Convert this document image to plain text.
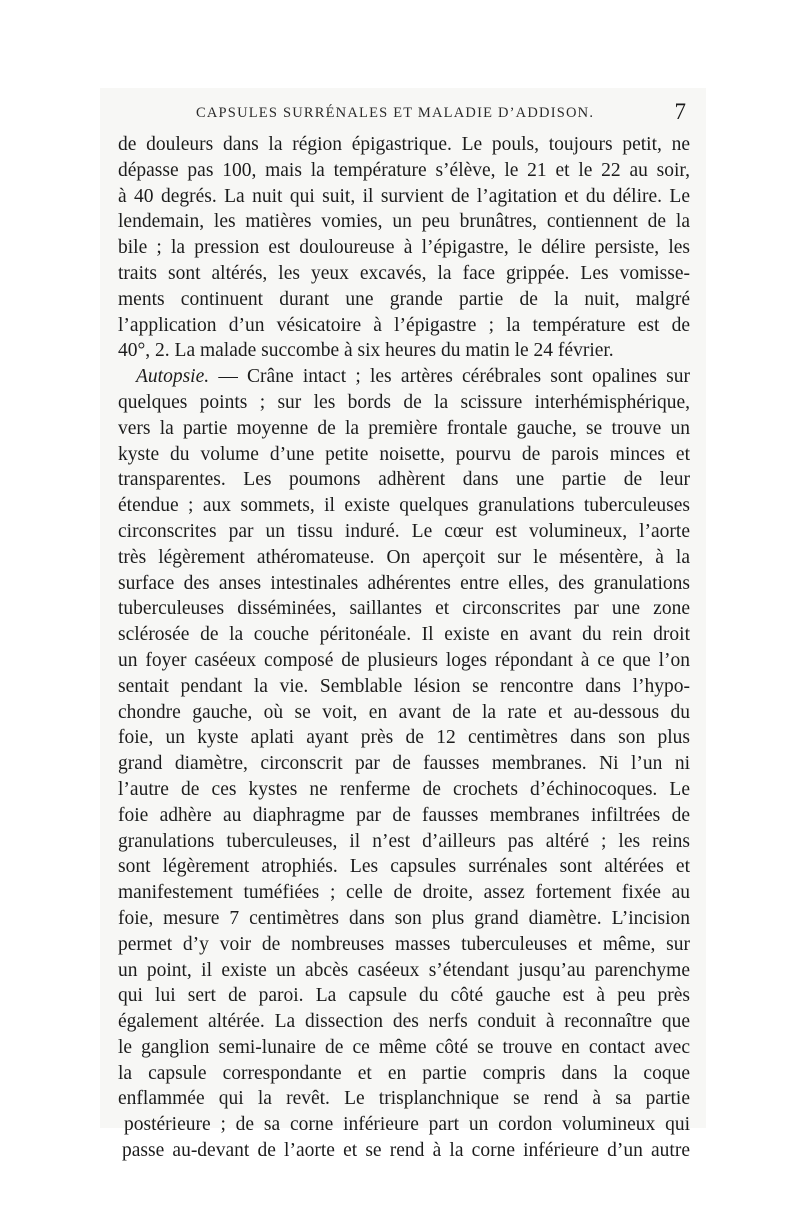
CAPSULES SURRÉNALES ET MALADIE D’ADDISON.	7
de douleurs dans la région épigastrique. Le pouls, toujours petit, ne
dépasse pas 100, mais la température s’élève, le 21 et le 22 au soir,
à 40 degrés. La nuit qui suit, il survient de l’agitation et du délire. Le
lendemain, les matières vomies, un peu brunâtres, contiennent de la
bile ; la pression est douloureuse à l’épigastre, le délire persiste, les
traits sont altérés, les yeux excavés, la face grippée. Les vomisse-
ments continuent durant une grande partie de la nuit, malgré
l’application d’un vésicatoire à l’épigastre ; la température est de
40°, 2. La malade succombe à six heures du matin le 24 février.
Autopsie. — Crâne intact ; les artères cérébrales sont opalines sur
quelques points ; sur les bords de la scissure interhémisphérique,
vers la partie moyenne de la première frontale gauche, se trouve un
kyste du volume d’une petite noisette, pourvu de parois minces et
transparentes. Les poumons adhèrent dans une partie de leur
étendue ; aux sommets, il existe quelques granulations tuberculeuses
circonscrites par un tissu induré. Le cœur est volumineux, l’aorte
très légèrement athéromateuse. On aperçoit sur le mésentère, à la
surface des anses intestinales adhérentes entre elles, des granulations
tuberculeuses disséminées, saillantes et circonscrites par une zone
sclérosée de la couche péritonéale. Il existe en avant du rein droit
un foyer caséeux composé de plusieurs loges répondant à ce que l’on
sentait pendant la vie. Semblable lésion se rencontre dans l’hypo-
chondre gauche, où se voit, en avant de la rate et au-dessous du
foie, un kyste aplati ayant près de 12 centimètres dans son plus
grand diamètre, circonscrit par de fausses membranes. Ni l’un ni
l’autre de ces kystes ne renferme de crochets d’échinocoques. Le
foie adhère au diaphragme par de fausses membranes infiltrées de
granulations tuberculeuses, il n’est d’ailleurs pas altéré ; les reins
sont légèrement atrophiés. Les capsules surrénales sont altérées et
manifestement tuméfiées ; celle de droite, assez fortement fixée au
foie, mesure 7 centimètres dans son plus grand diamètre. L’incision
permet d’y voir de nombreuses masses tuberculeuses et même, sur
un point, il existe un abcès caséeux s’étendant jusqu’au parenchyme
qui lui sert de paroi. La capsule du côté gauche est à peu près
également altérée. La dissection des nerfs conduit à reconnaître que
le ganglion semi-lunaire de ce même côté se trouve en contact avec
la capsule correspondante et en partie compris dans la coque
enflammée qui la revêt. Le trisplanchnique se rend à sa partie
postérieure ; de sa corne inférieure part un cordon volumineux qui
passe au-devant de l’aorte et se rend à la corne inférieure d’un autre
